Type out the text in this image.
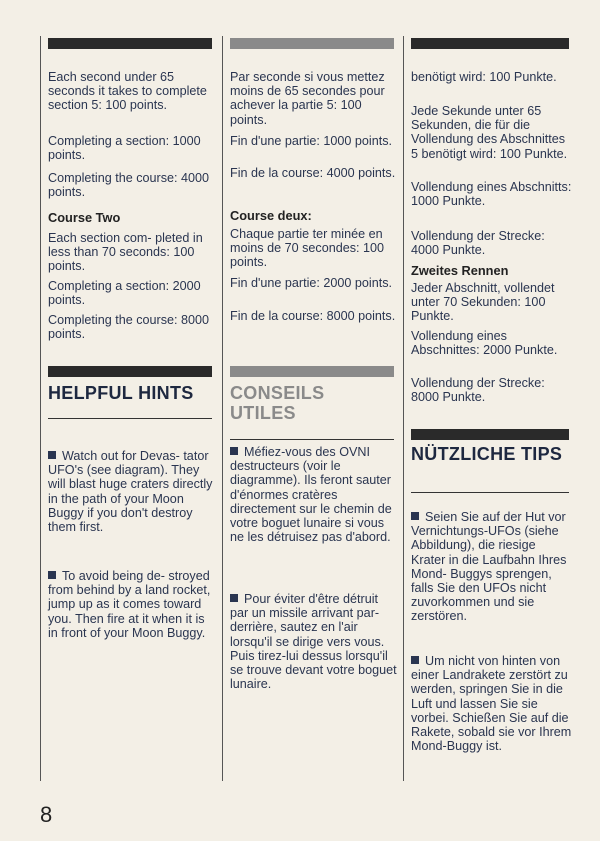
Each second under 65 seconds it takes to complete section 5: 100 points.

Completing a section: 1000 points.

Completing the course: 4000 points.

Course Two

Each section com- pleted in less than 70 seconds: 100 points.

Completing a section: 2000 points.

Completing the course: 8000 points.

HELPFUL HINTS

Watch out for Devas- tator UFO's (see diagram). They will blast huge craters directly in the path of your Moon Buggy if you don't destroy them first.

To avoid being de- stroyed from behind by a land rocket, jump up as it comes toward you. Then fire at it when it is in front of your Moon Buggy.

Par seconde si vous mettez moins de 65 secondes pour achever la partie 5: 100 points.

Fin d'une partie: 1000 points.

Fin de la course: 4000 points.

Course deux:

Chaque partie ter minée en moins de 70 secondes: 100 points.

Fin d'une partie: 2000 points.

Fin de la course: 8000 points.

CONSEILS

UTILES

Méfiez-vous des OVNI destructeurs (voir le diagramme). Ils feront sauter d'énormes cratères directement sur le chemin de votre boguet lunaire si vous ne les détruisez pas d'abord.

Pour éviter d'être détruit par un missile arrivant par-derrière, sautez en l'air lorsqu'il se dirige vers vous. Puis tirez-lui dessus lorsqu'il se trouve devant votre boguet lunaire.

benötigt wird: 100 Punkte.

Jede Sekunde unter 65 Sekunden, die für die Vollendung des Abschnittes 5 benötigt wird: 100 Punkte.

Vollendung eines Abschnitts: 1000 Punkte.

Vollendung der Strecke: 4000 Punkte.

Zweites Rennen

Jeder Abschnitt, vollendet unter 70 Sekunden: 100 Punkte.

Vollendung eines Abschnittes: 2000 Punkte.

Vollendung der Strecke: 8000 Punkte.

NÜTZLICHE TIPS

Seien Sie auf der Hut vor Vernichtungs-UFOs (siehe Abbildung), die riesige Krater in die Laufbahn Ihres Mond- Buggys sprengen, falls Sie den UFOs nicht zuvorkommen und sie zerstören.

Um nicht von hinten von einer Landrakete zerstört zu werden, springen Sie in die Luft und lassen Sie sie vorbei. Schießen Sie auf die Rakete, sobald sie vor Ihrem Mond-Buggy ist.

8
